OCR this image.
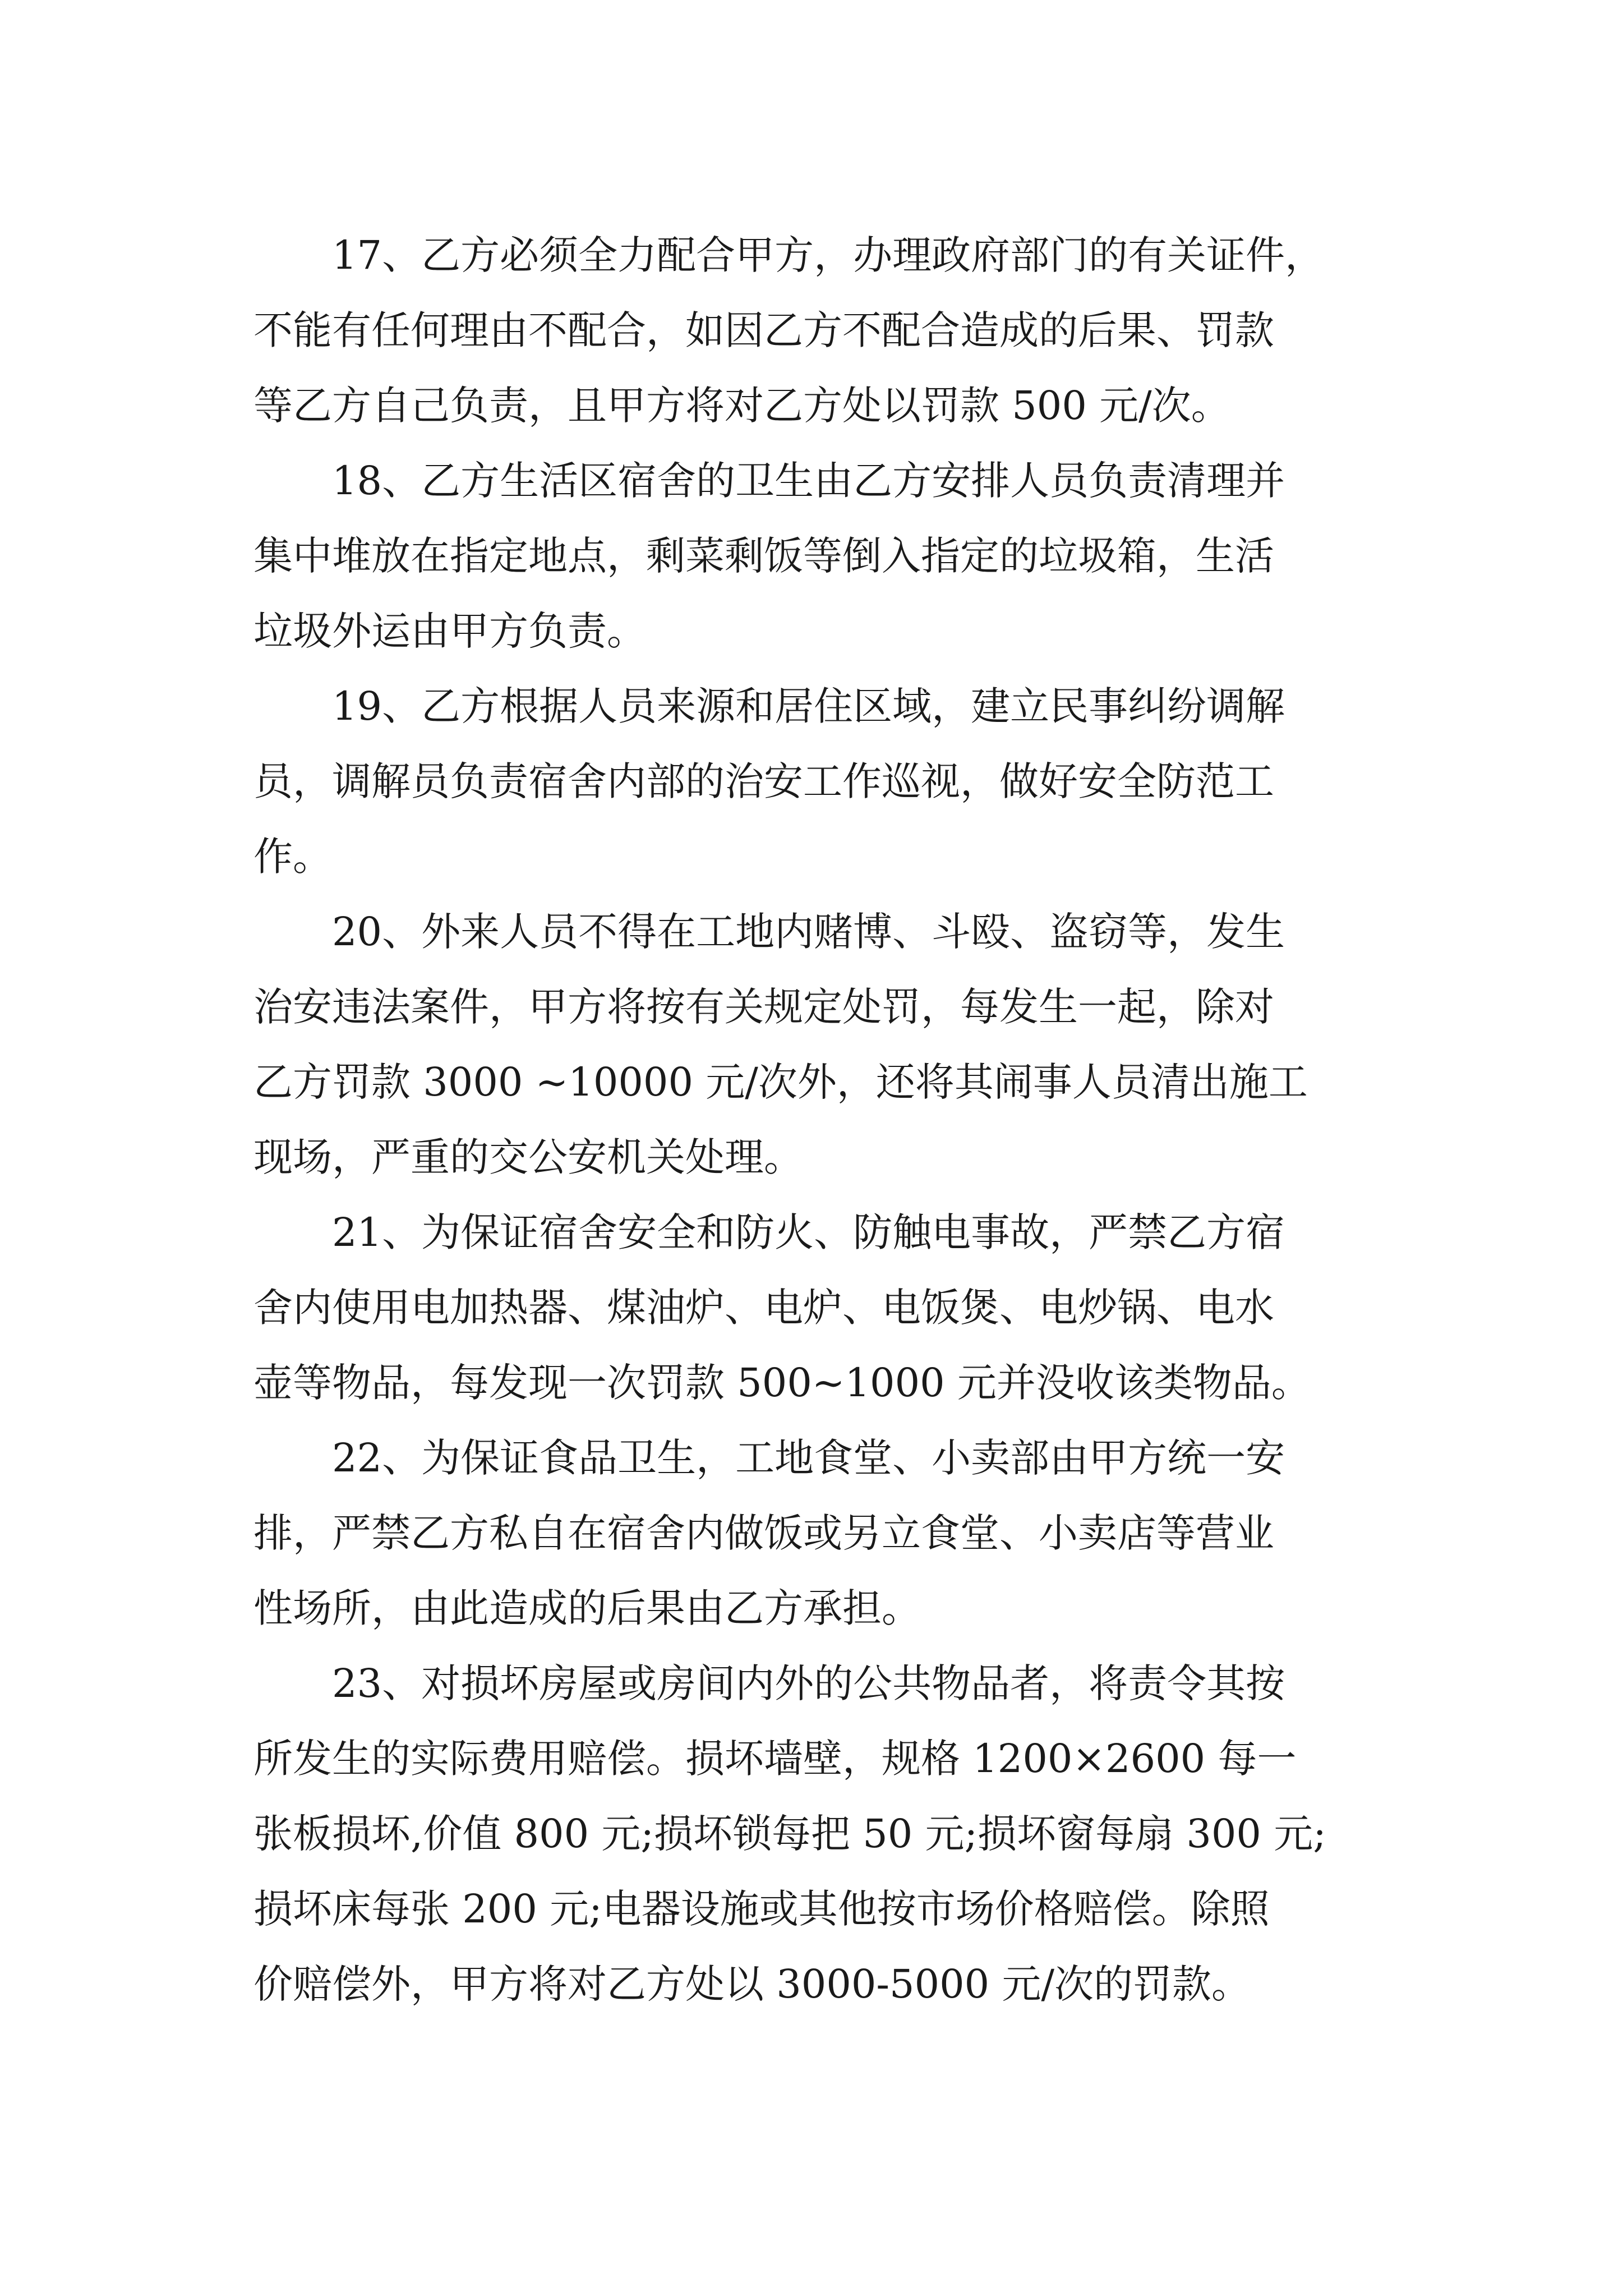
17、乙方必须全力配合甲方，办理政府部门的有关证件，
不能有任何理由不配合，如因乙方不配合造成的后果、罚款
等乙方自己负责，且甲方将对乙方处以罚款 500 元/次。
18、乙方生活区宿舍的卫生由乙方安排人员负责清理并
集中堆放在指定地点，剩菜剩饭等倒入指定的垃圾箱，生活
垃圾外运由甲方负责。
19、乙方根据人员来源和居住区域，建立民事纠纷调解
员，调解员负责宿舍内部的治安工作巡视，做好安全防范工
作。
20、外来人员不得在工地内赌博、斗殴、盗窃等，发生
治安违法案件，甲方将按有关规定处罚，每发生一起，除对
乙方罚款 3000 ~10000 元/次外，还将其闹事人员清出施工
现场，严重的交公安机关处理。
21、为保证宿舍安全和防火、防触电事故，严禁乙方宿
舍内使用电加热器、煤油炉、电炉、电饭煲、电炒锅、电水
壶等物品，每发现一次罚款 500~1000 元并没收该类物品。
22、为保证食品卫生，工地食堂、小卖部由甲方统一安
排，严禁乙方私自在宿舍内做饭或另立食堂、小卖店等营业
性场所，由此造成的后果由乙方承担。
23、对损坏房屋或房间内外的公共物品者，将责令其按
所发生的实际费用赔偿。损坏墙壁，规格 1200×2600 每一
张板损坏,价值 800 元;损坏锁每把 50 元;损坏窗每扇 300 元;
损坏床每张 200 元;电器设施或其他按市场价格赔偿。除照
价赔偿外，甲方将对乙方处以 3000-5000 元/次的罚款。
